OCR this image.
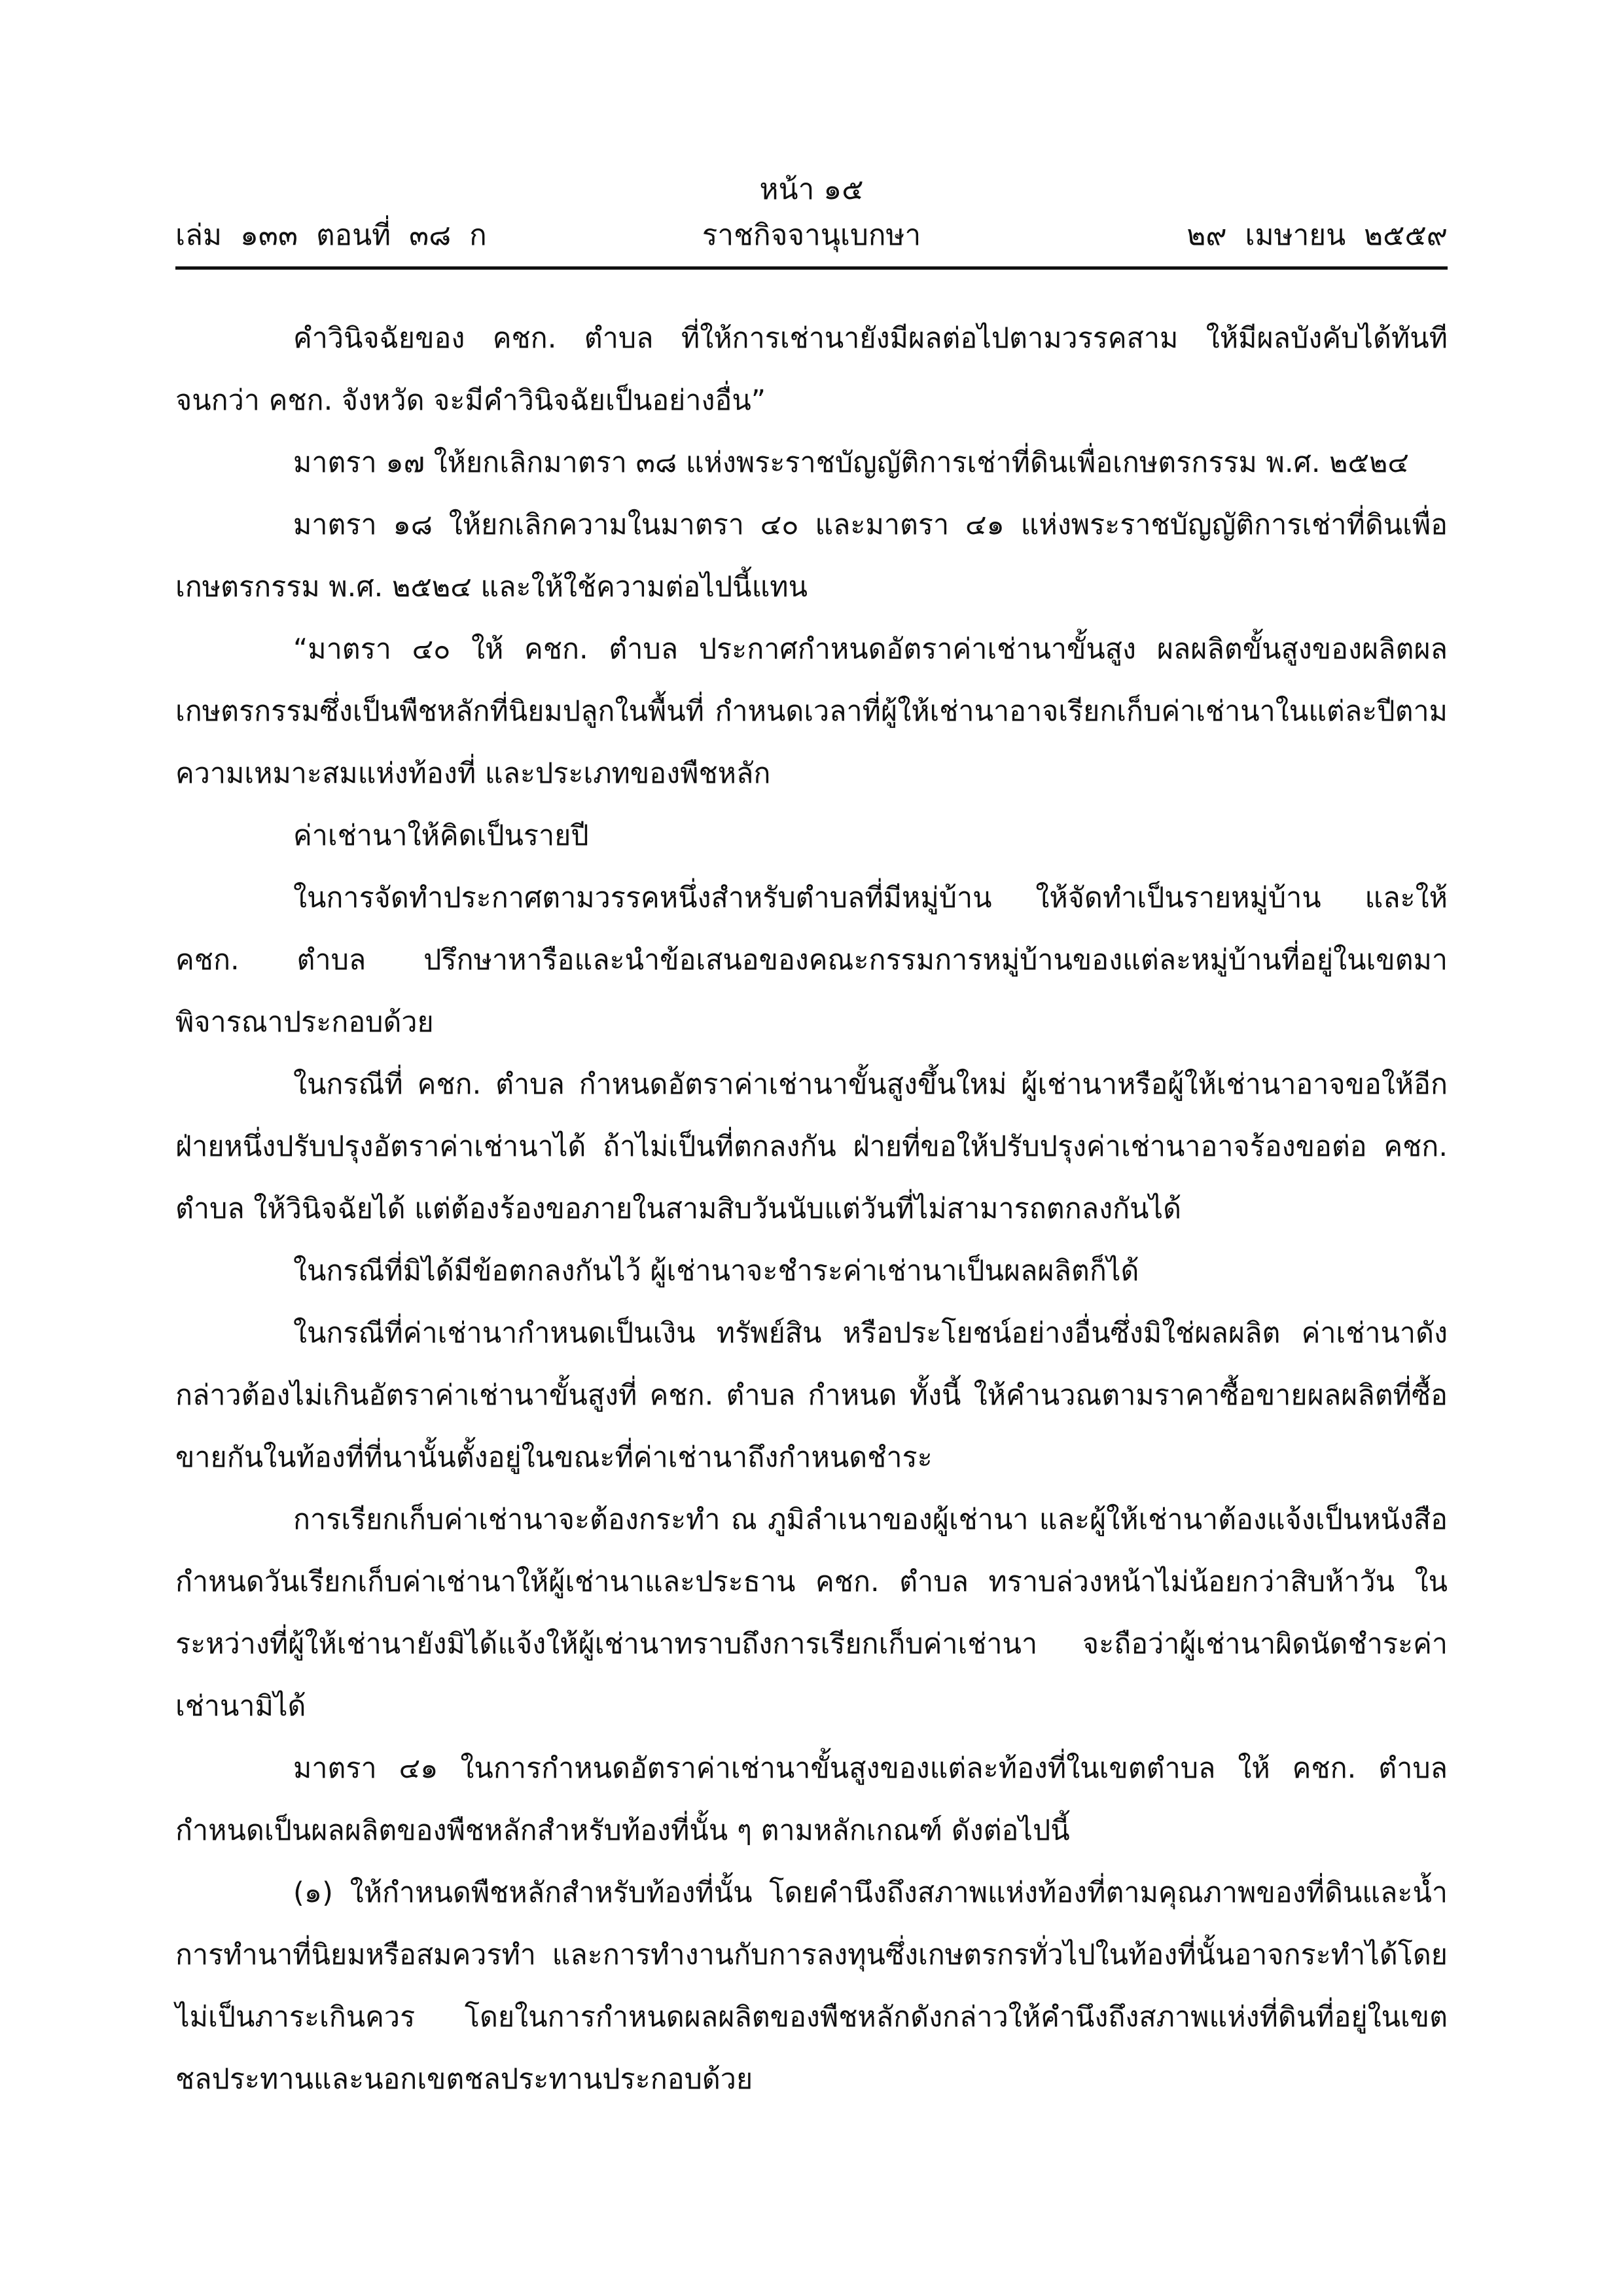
หน้า ๑๕
เล่ม ๑๓๓ ตอนที่ ๓๘ ก	ราชกิจจานุเบกษา	๒๙ เมษายน ๒๕๕๙

คำวินิจฉัยของ คชก. ตำบล ที่ให้การเช่านายังมีผลต่อไปตามวรรคสาม ให้มีผลบังคับได้ทันทีจนกว่า คชก. จังหวัด จะมีคำวินิจฉัยเป็นอย่างอื่น”

มาตรา ๑๗ ให้ยกเลิกมาตรา ๓๘ แห่งพระราชบัญญัติการเช่าที่ดินเพื่อเกษตรกรรม พ.ศ. ๒๕๒๔

มาตรา ๑๘ ให้ยกเลิกความในมาตรา ๔๐ และมาตรา ๔๑ แห่งพระราชบัญญัติการเช่าที่ดินเพื่อเกษตรกรรม พ.ศ. ๒๕๒๔ และให้ใช้ความต่อไปนี้แทน

“มาตรา ๔๐ ให้ คชก. ตำบล ประกาศกำหนดอัตราค่าเช่านาขั้นสูง ผลผลิตขั้นสูงของผลิตผลเกษตรกรรมซึ่งเป็นพืชหลักที่นิยมปลูกในพื้นที่ กำหนดเวลาที่ผู้ให้เช่านาอาจเรียกเก็บค่าเช่านาในแต่ละปีตามความเหมาะสมแห่งท้องที่ และประเภทของพืชหลัก

ค่าเช่านาให้คิดเป็นรายปี

ในการจัดทำประกาศตามวรรคหนึ่งสำหรับตำบลที่มีหมู่บ้าน ให้จัดทำเป็นรายหมู่บ้าน และให้ คชก. ตำบล ปรึกษาหารือและนำข้อเสนอของคณะกรรมการหมู่บ้านของแต่ละหมู่บ้านที่อยู่ในเขตมาพิจารณาประกอบด้วย

ในกรณีที่ คชก. ตำบล กำหนดอัตราค่าเช่านาขั้นสูงขึ้นใหม่ ผู้เช่านาหรือผู้ให้เช่านาอาจขอให้อีกฝ่ายหนึ่งปรับปรุงอัตราค่าเช่านาได้ ถ้าไม่เป็นที่ตกลงกัน ฝ่ายที่ขอให้ปรับปรุงค่าเช่านาอาจร้องขอต่อ คชก. ตำบล ให้วินิจฉัยได้ แต่ต้องร้องขอภายในสามสิบวันนับแต่วันที่ไม่สามารถตกลงกันได้

ในกรณีที่มิได้มีข้อตกลงกันไว้ ผู้เช่านาจะชำระค่าเช่านาเป็นผลผลิตก็ได้

ในกรณีที่ค่าเช่านากำหนดเป็นเงิน ทรัพย์สิน หรือประโยชน์อย่างอื่นซึ่งมิใช่ผลผลิต ค่าเช่านาดังกล่าวต้องไม่เกินอัตราค่าเช่านาขั้นสูงที่ คชก. ตำบล กำหนด ทั้งนี้ ให้คำนวณตามราคาซื้อขายผลผลิตที่ซื้อขายกันในท้องที่ที่นานั้นตั้งอยู่ในขณะที่ค่าเช่านาถึงกำหนดชำระ

การเรียกเก็บค่าเช่านาจะต้องกระทำ ณ ภูมิลำเนาของผู้เช่านา และผู้ให้เช่านาต้องแจ้งเป็นหนังสือกำหนดวันเรียกเก็บค่าเช่านาให้ผู้เช่านาและประธาน คชก. ตำบล ทราบล่วงหน้าไม่น้อยกว่าสิบห้าวัน ในระหว่างที่ผู้ให้เช่านายังมิได้แจ้งให้ผู้เช่านาทราบถึงการเรียกเก็บค่าเช่านา จะถือว่าผู้เช่านาผิดนัดชำระค่าเช่านามิได้

มาตรา ๔๑ ในการกำหนดอัตราค่าเช่านาขั้นสูงของแต่ละท้องที่ในเขตตำบล ให้ คชก. ตำบล กำหนดเป็นผลผลิตของพืชหลักสำหรับท้องที่นั้น ๆ ตามหลักเกณฑ์ ดังต่อไปนี้

(๑) ให้กำหนดพืชหลักสำหรับท้องที่นั้น โดยคำนึงถึงสภาพแห่งท้องที่ตามคุณภาพของที่ดินและน้ำ การทำนาที่นิยมหรือสมควรทำ และการทำงานกับการลงทุนซึ่งเกษตรกรทั่วไปในท้องที่นั้นอาจกระทำได้โดยไม่เป็นภาระเกินควร โดยในการกำหนดผลผลิตของพืชหลักดังกล่าวให้คำนึงถึงสภาพแห่งที่ดินที่อยู่ในเขตชลประทานและนอกเขตชลประทานประกอบด้วย
